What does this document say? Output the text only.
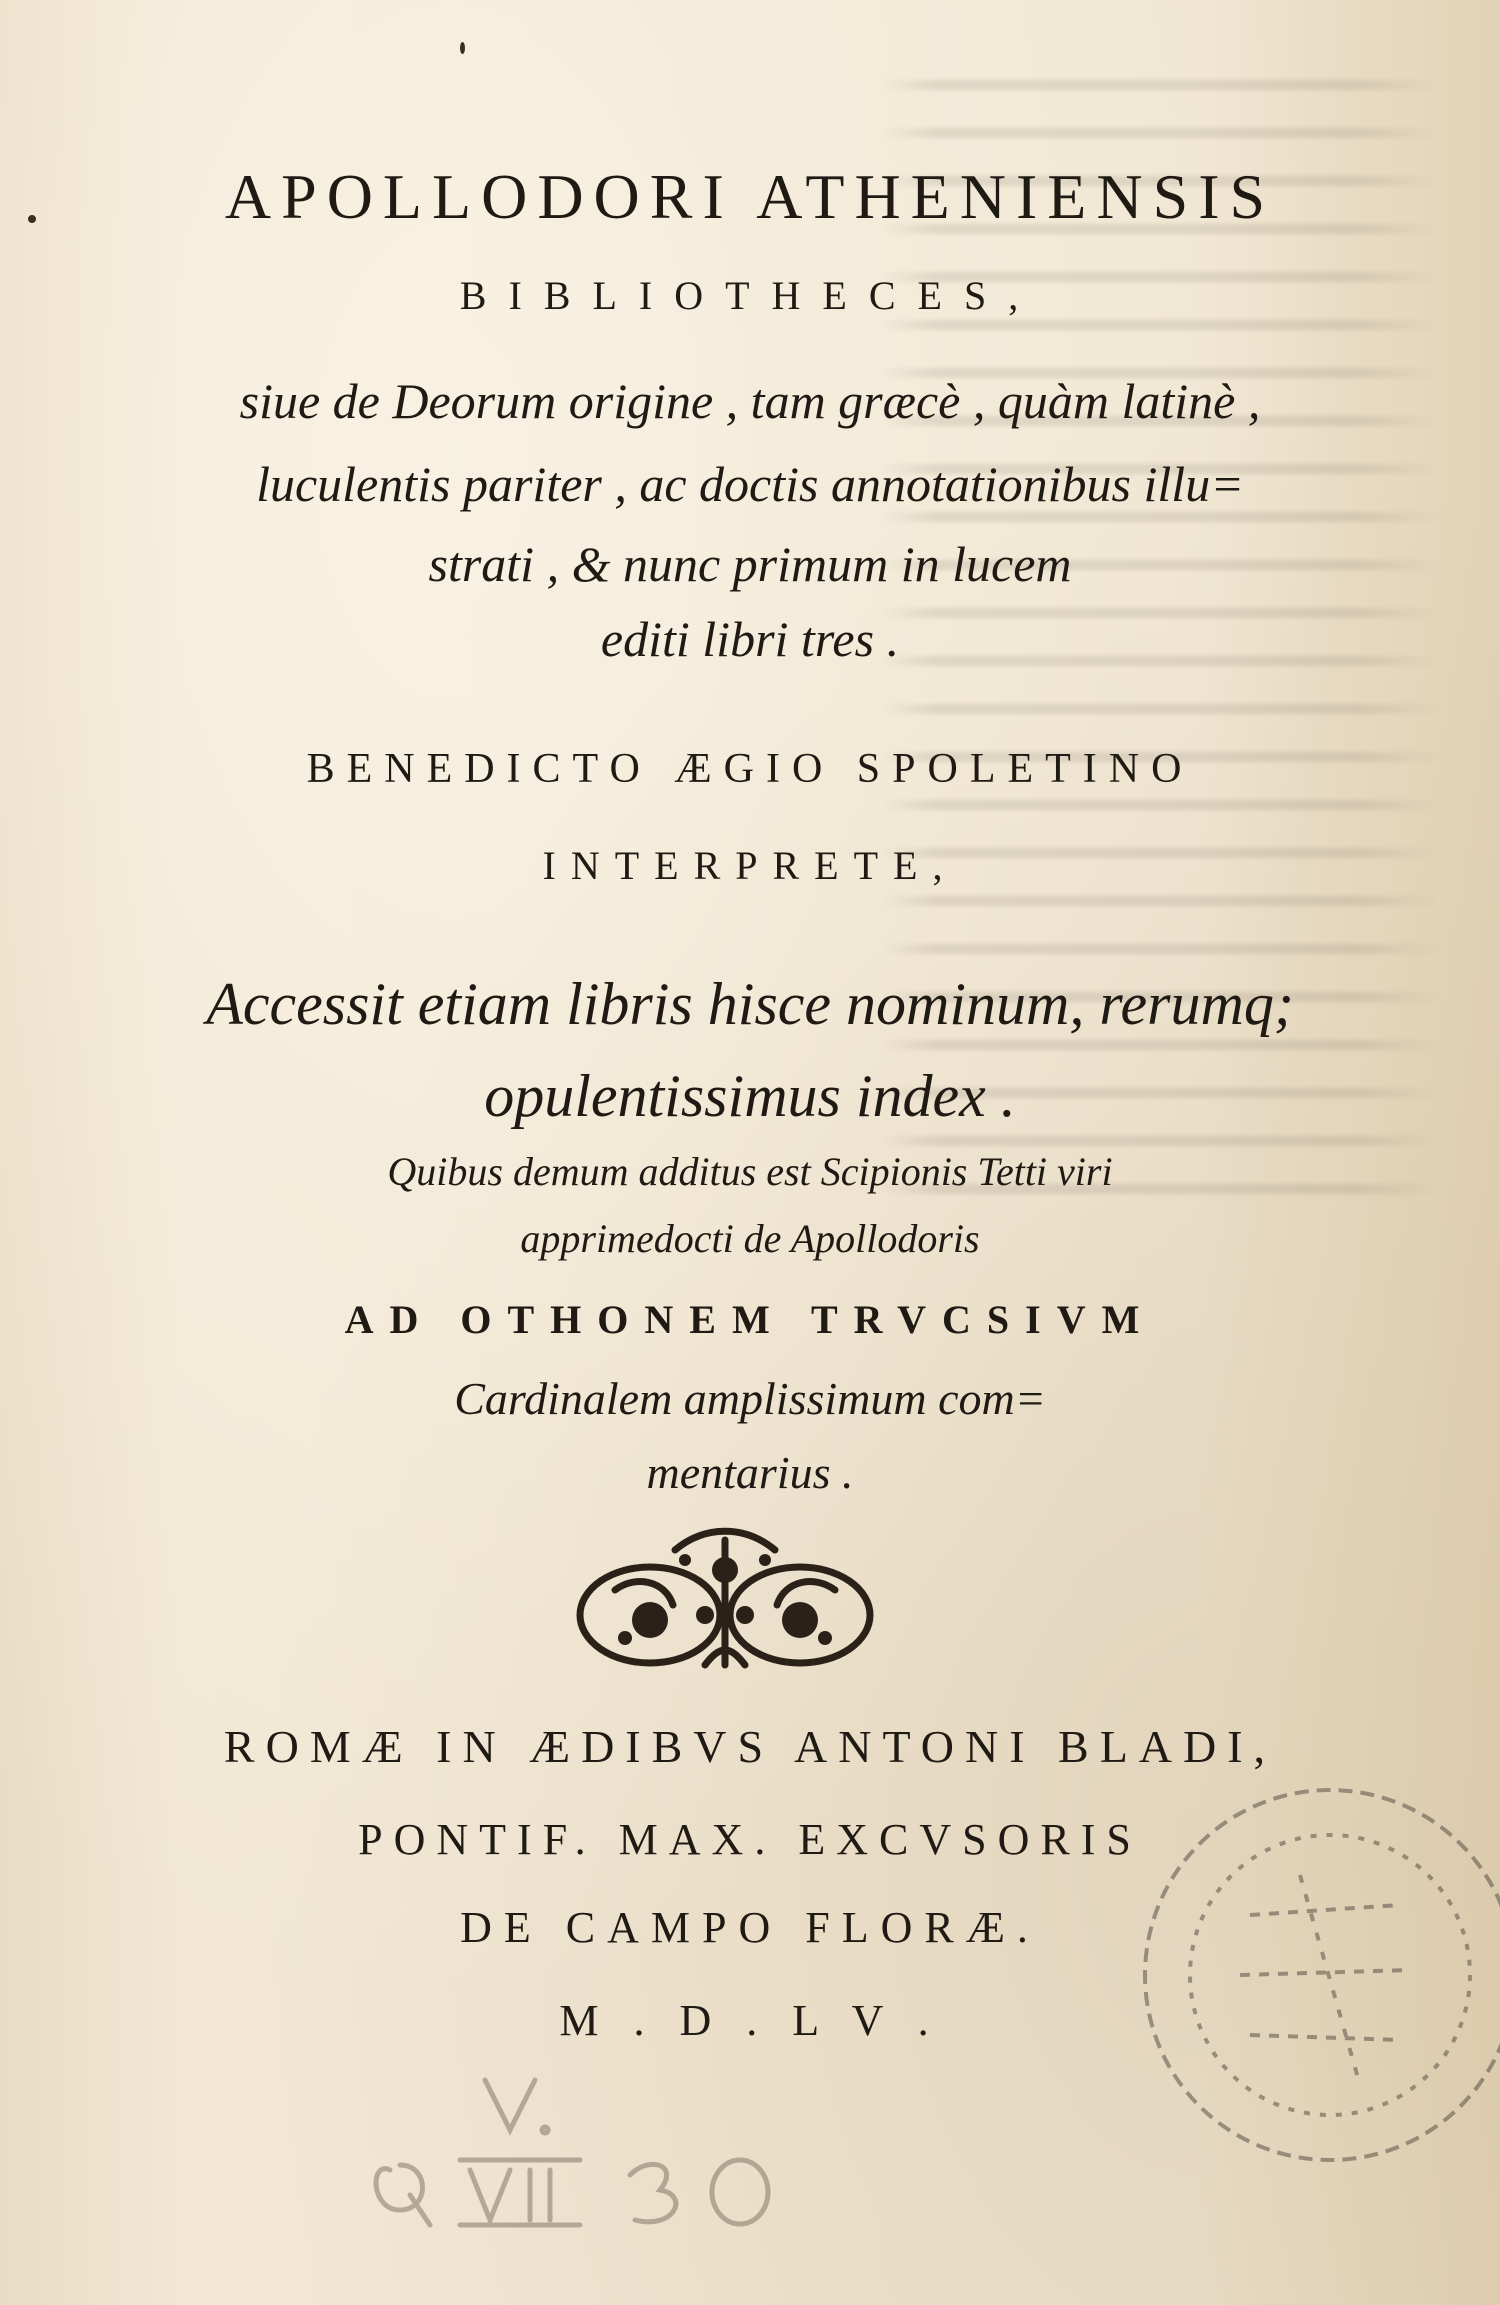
APOLLODORI ATHENIENSIS
BIBLIOTHECES,
siue de Deorum origine , tam græcè , quàm latinè ,
luculentis pariter , ac doctis annotationibus illu=
strati , & nunc primum in lucem
editi libri tres .
BENEDICTO ÆGIO SPOLETINO
INTERPRETE,
Accessit etiam libris hisce nominum, rerumq;
opulentissimus index .
Quibus demum additus est Scipionis Tetti viri
apprimedocti de Apollodoris
AD OTHONEM TRVCSIVM
Cardinalem amplissimum com=
mentarius .
ROMÆ IN ÆDIBVS ANTONI BLADI,
PONTIF. MAX. EXCVSORIS
DE CAMPO FLORÆ.
M . D . L V .
